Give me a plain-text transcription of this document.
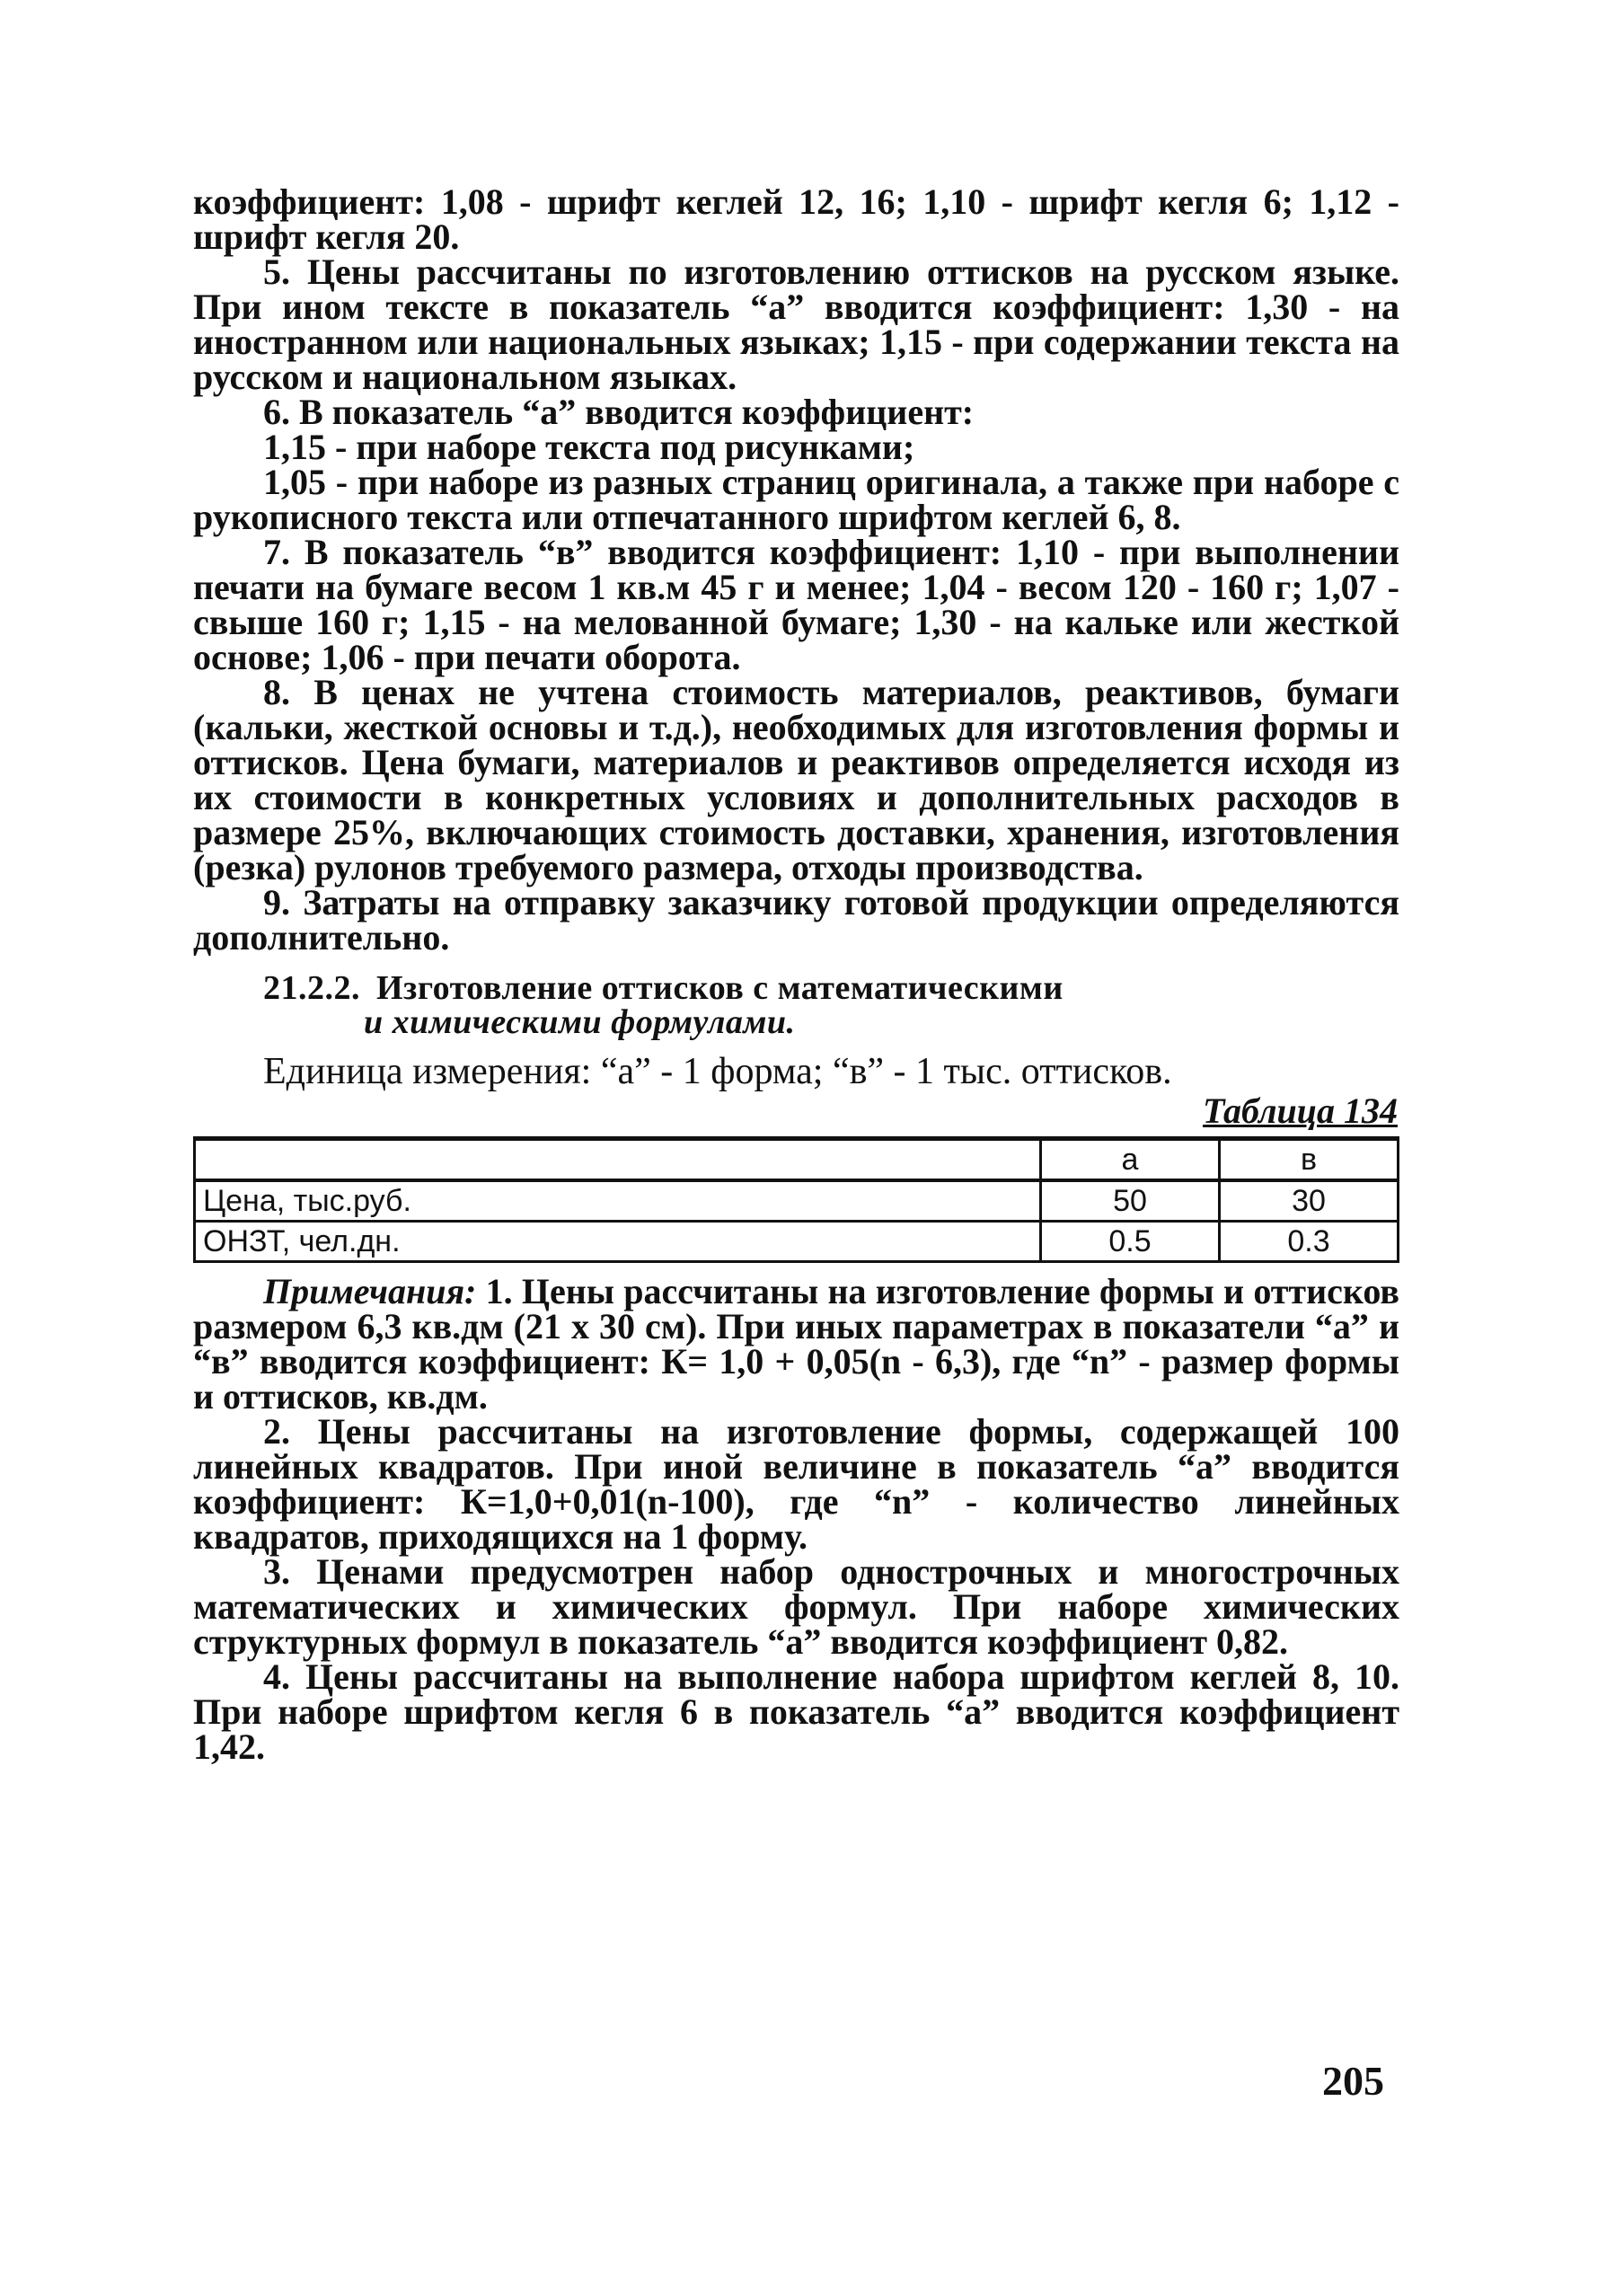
коэффициент: 1,08 - шрифт кеглей 12, 16; 1,10 - шрифт кегля 6; 1,12 - шрифт кегля 20.

5. Цены рассчитаны по изготовлению оттисков на русском языке. При ином тексте в показатель “а” вводится коэффициент: 1,30 - на иностранном или национальных языках; 1,15 - при содержании текста на русском и национальном языках.

6. В показатель “а” вводится коэффициент:

1,15 - при наборе текста под рисунками;

1,05 - при наборе из разных страниц оригинала, а также при наборе с рукописного текста или отпечатанного шрифтом кеглей 6, 8.

7. В показатель “в” вводится коэффициент: 1,10 - при выполнении печати на бумаге весом 1 кв.м 45 г и менее; 1,04 - весом 120 - 160 г; 1,07 - свыше 160 г; 1,15 - на мелованной бумаге; 1,30 - на кальке или жесткой основе; 1,06 - при печати оборота.

8. В ценах не учтена стоимость материалов, реактивов, бумаги (кальки, жесткой основы и т.д.), необходимых для изготовления формы и оттисков. Цена бумаги, материалов и реактивов определяется исходя из их стоимости в конкретных условиях и дополнительных расходов в размере 25%, включающих стоимость доставки, хранения, изготовления (резка) рулонов требуемого размера, отходы производства.

9. Затраты на отправку заказчику готовой продукции определяются дополнительно.

21.2.2. Изготовление оттисков с математическими
и химическими формулами.
Единица измерения: “а” - 1 форма; “в” - 1 тыс. оттисков.
Таблица 134
	а	в
Цена, тыс.руб.	50	30
ОНЗТ, чел.дн.	0.5	0.3

Примечания: 1. Цены рассчитаны на изготовление формы и оттисков размером 6,3 кв.дм (21 х 30 см). При иных параметрах в показатели “а” и “в” вводится коэффициент: К= 1,0 + 0,05(n - 6,3), где “n” - размер формы и оттисков, кв.дм.

2. Цены рассчитаны на изготовление формы, содержащей 100 линейных квадратов. При иной величине в показатель “а” вводится коэффициент: К=1,0+0,01(n-100), где “n” - количество линейных квадратов, приходящихся на 1 форму.

3. Ценами предусмотрен набор однострочных и многострочных математических и химических формул. При наборе химических структурных формул в показатель “а” вводится коэффициент 0,82.

4. Цены рассчитаны на выполнение набора шрифтом кеглей 8, 10. При наборе шрифтом кегля 6 в показатель “а” вводится коэффициент 1,42.

205
